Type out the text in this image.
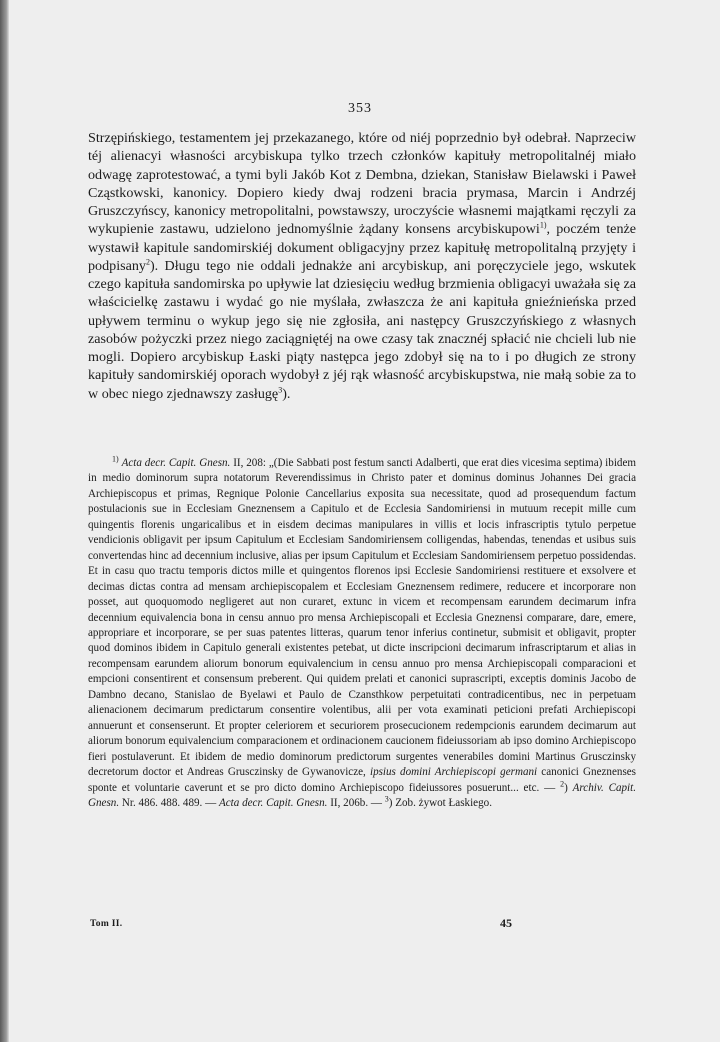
353

Strzępińskiego, testamentem jej przekazanego, które od niéj poprzednio był odebrał. Naprzeciw téj alienacyi własności arcybiskupa tylko trzech członków kapituły metropolitalnéj miało odwagę zaprotestować, a tymi byli Jakób Kot z Dembna, dziekan, Stanisław Bielawski i Paweł Cząstkowski, kanonicy. Dopiero kiedy dwaj rodzeni bracia prymasa, Marcin i Andrzéj Gruszczyńscy, kanonicy metropolitalni, powstawszy, uroczyście własnemi majątkami ręczyli za wykupienie zastawu, udzielono jednomyślnie żądany konsens arcybiskupowi$^{1)}$, poczém tenże wystawił kapitule sandomirskiéj dokument obligacyjny przez kapitułę metropolitalną przyjęty i podpisany$^2$). Długu tego nie oddali jednakże ani arcybiskup, ani poręczyciele jego, wskutek czego kapituła sandomirska po upływie lat dziesięciu według brzmienia obligacyi uważała się za właścicielkę zastawu i wydać go nie myślała, zwłaszcza że ani kapituła gnieźnieńska przed upływem terminu o wykup jego się nie zgłosiła, ani następcy Gruszczyńskiego z własnych zasobów pożyczki przez niego zaciągniętéj na owe czasy tak znacznéj spłacić nie chcieli lub nie mogli. Dopiero arcybiskup Łaski piąty następca jego zdobył się na to i po długich ze strony kapituły sandomirskiéj oporach wydobył z jéj rąk własność arcybiskupstwa, nie małą sobie za to w obec niego zjednawszy zasługę$^3$).

$^{1)}$ Acta decr. Capit. Gnesn. II, 208: „(Die Sabbati post festum sancti Adalberti, que erat dies vicesima septima) ibidem in medio dominorum supra notatorum Reverendissimus in Christo pater et dominus dominus Johannes Dei gracia Archiepiscopus et primas, Regnique Polonie Cancellarius exposita sua necessitate, quod ad prosequendum factum postulacionis sue in Ecclesiam Gneznensem a Capitulo et de Ecclesia Sandomiriensi in mutuum recepit mille cum quingentis florenis ungaricalibus et in eisdem decimas manipulares in villis et locis infrascriptis tytulo perpetue vendicionis obligavit per ipsum Capitulum et Ecclesiam Sandomiriensem colligendas, habendas, tenendas et usibus suis convertendas hinc ad decennium inclusive, alias per ipsum Capitulum et Ecclesiam Sandomiriensem perpetuo possidendas. Et in casu quo tractu temporis dictos mille et quingentos florenos ipsi Ecclesie Sandomiriensi restituere et exsolvere et decimas dictas contra ad mensam archiepiscopalem et Ecclesiam Gneznensem redimere, reducere et incorporare non posset, aut quoquomodo negligeret aut non curaret, extunc in vicem et recompensam earundem decimarum infra decennium equivalencia bona in censu annuo pro mensa Archiepiscopali et Ecclesia Gneznensi comparare, dare, emere, appropriare et incorporare, se per suas patentes litteras, quarum tenor inferius continetur, submisit et obligavit, propter quod dominos ibidem in Capitulo generali existentes petebat, ut dicte inscripcioni decimarum infrascriptarum et alias in recompensam earundem aliorum bonorum equivalencium in censu annuo pro mensa Archiepiscopali comparacioni et empcioni consentirent et consensum preberent. Qui quidem prelati et canonici suprascripti, exceptis dominis Jacobo de Dambno decano, Stanislao de Byelawi et Paulo de Czansthkow perpetuitati contradicentibus, nec in perpetuam alienacionem decimarum predictarum consentire volentibus, alii per vota examinati peticioni prefati Archiepiscopi annuerunt et consenserunt. Et propter celeriorem et securiorem prosecucionem redempcionis earundem decimarum aut aliorum bonorum equivalencium comparacionem et ordinacionem caucionem fideiussoriam ab ipso domino Archiepiscopo fieri postulaverunt. Et ibidem de medio dominorum predictorum surgentes venerabiles domini Martinus Grusczinsky decretorum doctor et Andreas Grusczinsky de Gywanovicze, ipsius domini Archiepiscopi germani canonici Gneznenses sponte et voluntarie caverunt et se pro dicto domino Archiepiscopo fideiussores posuerunt... etc. — $^2$) Archiv. Capit. Gnesn. Nr. 486. 488. 489. — Acta decr. Capit. Gnesn. II, 206b. — $^3$) Zob. żywot Łaskiego.

Tom II.	45
